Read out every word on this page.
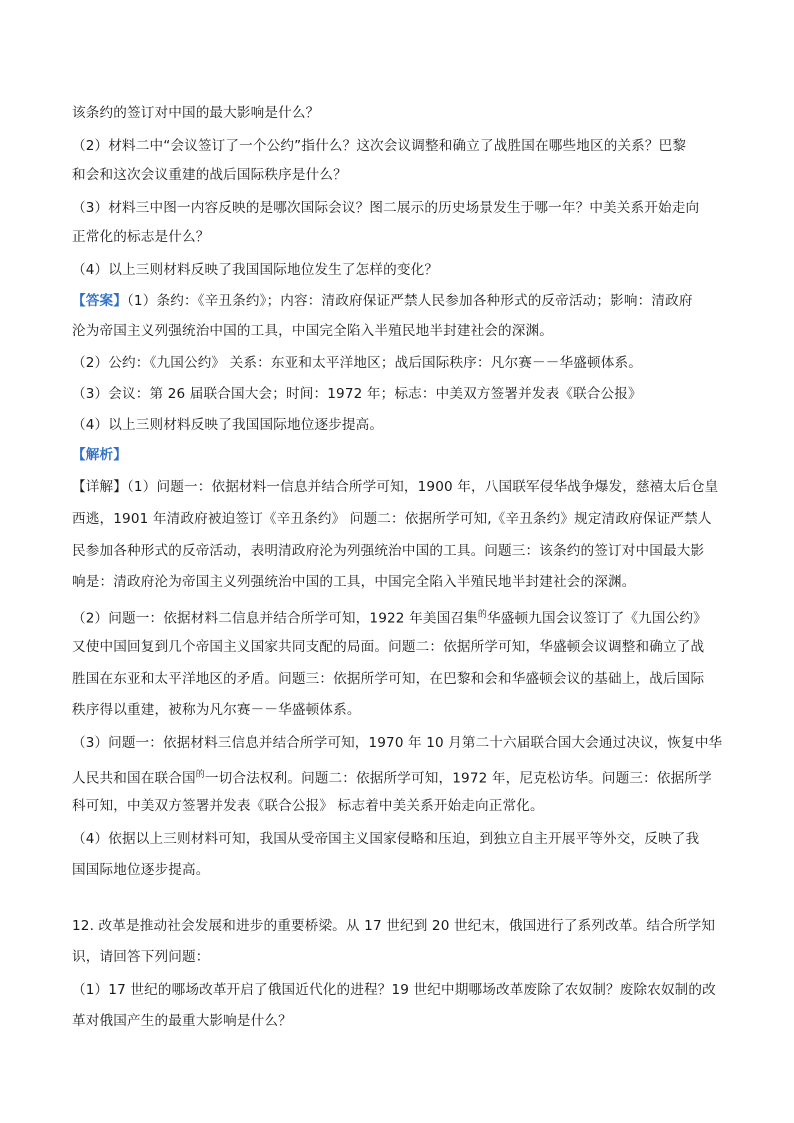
该条约的签订对中国的最大影响是什么？
（2）材料二中“会议签订了一个公约”指什么？这次会议调整和确立了战胜国在哪些地区的关系？巴黎
和会和这次会议重建的战后国际秩序是什么？
（3）材料三中图一内容反映的是哪次国际会议？图二展示的历史场景发生于哪一年？中美关系开始走向
正常化的标志是什么？
（4）以上三则材料反映了我国国际地位发生了怎样的变化？
【答案】（1）条约：《辛丑条约》；内容：清政府保证严禁人民参加各种形式的反帝活动；影响：清政府
沦为帝国主义列强统治中国的工具，中国完全陷入半殖民地半封建社会的深渊。
（2）公约：《九国公约》 关系：东亚和太平洋地区；战后国际秩序：凡尔赛－－华盛顿体系。
（3）会议：第 26 届联合国大会；时间：1972 年；标志：中美双方签署并发表《联合公报》
（4）以上三则材料反映了我国国际地位逐步提高。
【解析】
【详解】（1）问题一：依据材料一信息并结合所学可知，1900 年，八国联军侵华战争爆发，慈禧太后仓皇
西逃，1901 年清政府被迫签订《辛丑条约》 问题二：依据所学可知,《辛丑条约》规定清政府保证严禁人
民参加各种形式的反帝活动，表明清政府沦为列强统治中国的工具。问题三：该条约的签订对中国最大影
响是：清政府沦为帝国主义列强统治中国的工具，中国完全陷入半殖民地半封建社会的深渊。
（2）问题一：依据材料二信息并结合所学可知，1922 年美国召集$^的$华盛顿九国会议签订了《九国公约》
又使中国回复到几个帝国主义国家共同支配的局面。问题二：依据所学可知，华盛顿会议调整和确立了战
胜国在东亚和太平洋地区的矛盾。问题三：依据所学可知，在巴黎和会和华盛顿会议的基础上，战后国际
秩序得以重建，被称为凡尔赛－－华盛顿体系。
（3）问题一：依据材料三信息并结合所学可知，1970 年 10 月第二十六届联合国大会通过决议，恢复中华
人民共和国在联合国$^的$一切合法权利。问题二：依据所学可知，1972 年，尼克松访华。问题三：依据所学
科可知，中美双方签署并发表《联合公报》 标志着中美关系开始走向正常化。
（4）依据以上三则材料可知，我国从受帝国主义国家侵略和压迫，到独立自主开展平等外交，反映了我
国国际地位逐步提高。
12. 改革是推动社会发展和进步的重要桥梁。从 17 世纪到 20 世纪末，俄国进行了系列改革。结合所学知
识，请回答下列问题：
（1）17 世纪的哪场改革开启了俄国近代化的进程？19 世纪中期哪场改革废除了农奴制？废除农奴制的改
革对俄国产生的最重大影响是什么？
